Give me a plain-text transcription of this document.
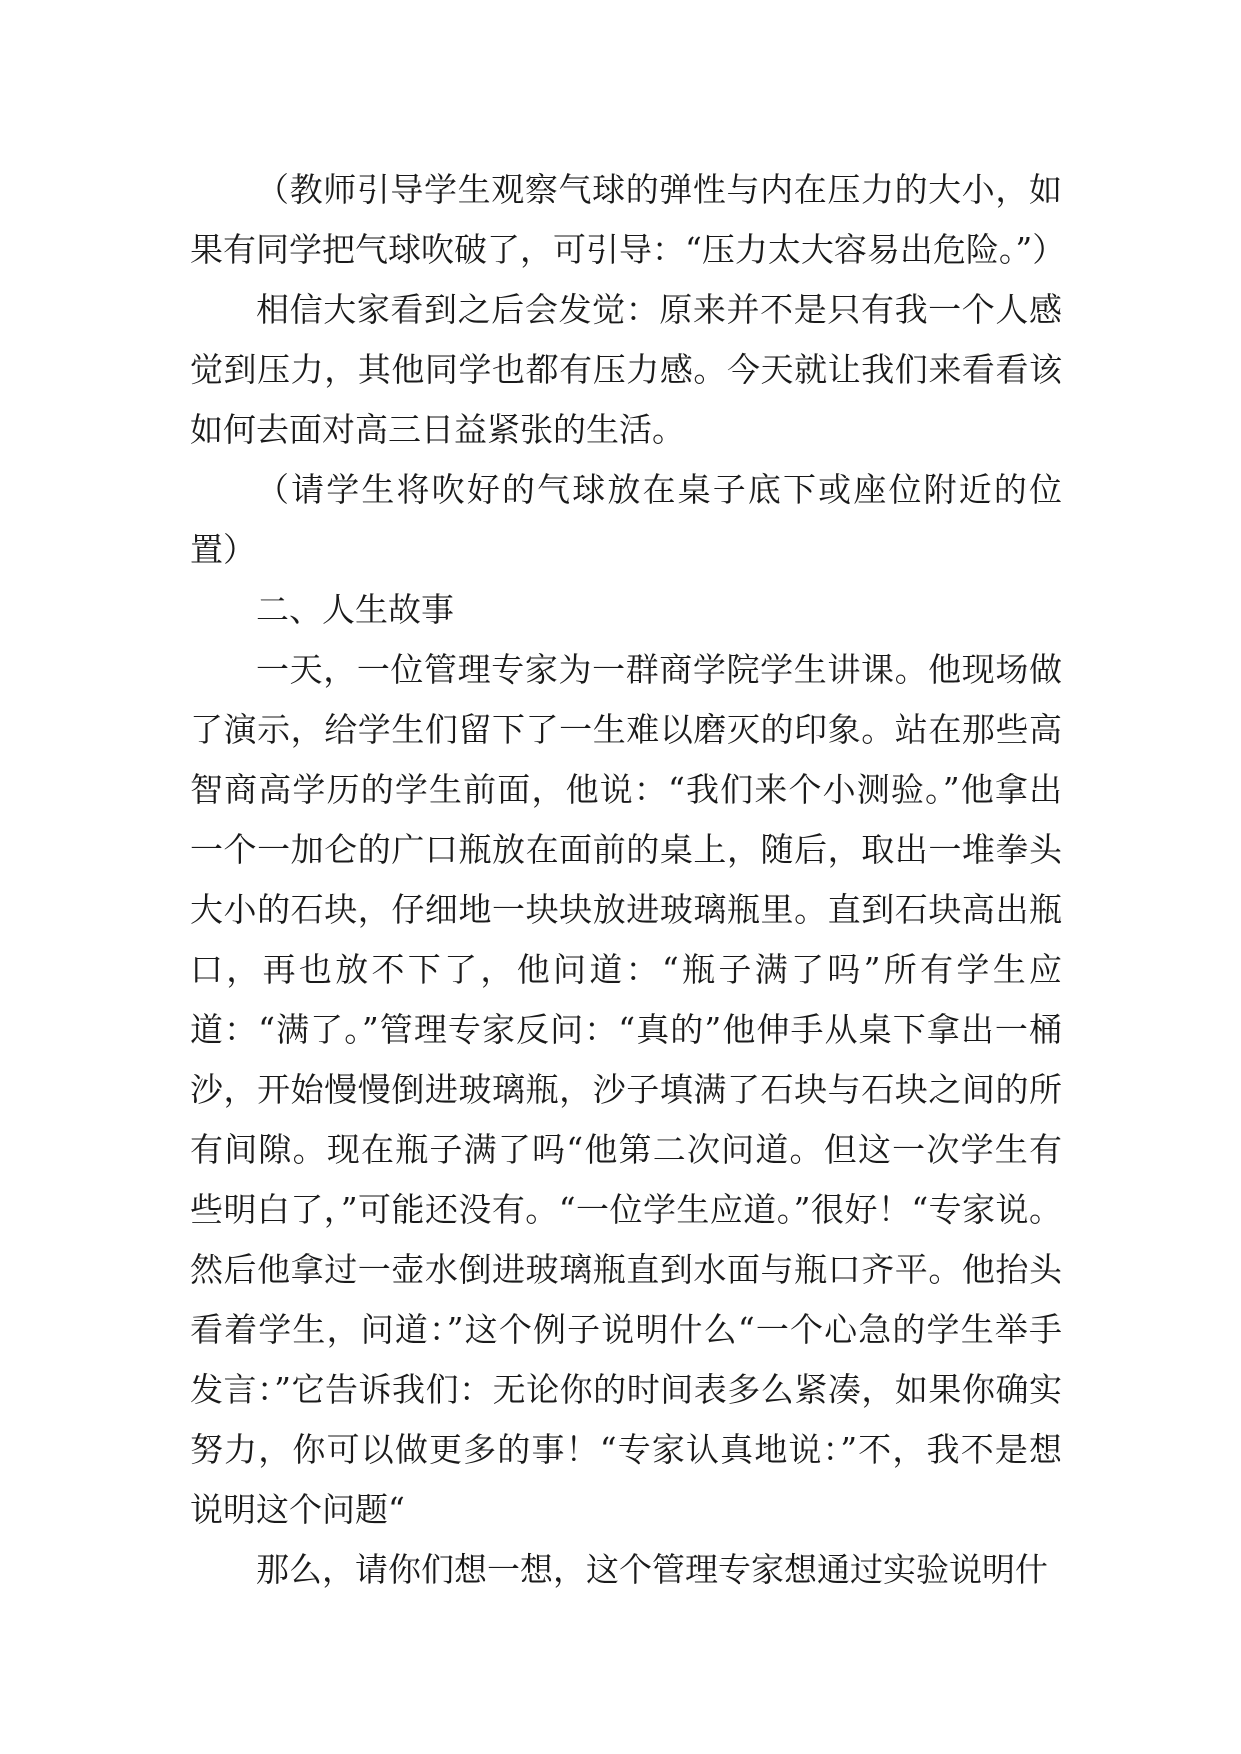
（教师引导学生观察气球的弹性与内在压力的大小，如果有同学把气球吹破了，可引导：“压力太大容易出危险。”）

相信大家看到之后会发觉：原来并不是只有我一个人感觉到压力，其他同学也都有压力感。今天就让我们来看看该如何去面对高三日益紧张的生活。

（请学生将吹好的气球放在桌子底下或座位附近的位置）

二、人生故事

一天，一位管理专家为一群商学院学生讲课。他现场做了演示，给学生们留下了一生难以磨灭的印象。站在那些高智商高学历的学生前面，他说：“我们来个小测验。”他拿出一个一加仑的广口瓶放在面前的桌上，随后，取出一堆拳头大小的石块，仔细地一块块放进玻璃瓶里。直到石块高出瓶口，再也放不下了，他问道：“瓶子满了吗”所有学生应道：“满了。”管理专家反问：“真的”他伸手从桌下拿出一桶沙，开始慢慢倒进玻璃瓶，沙子填满了石块与石块之间的所有间隙。现在瓶子满了吗“他第二次问道。但这一次学生有些明白了，”可能还没有。“一位学生应道。”很好！“专家说。然后他拿过一壶水倒进玻璃瓶直到水面与瓶口齐平。他抬头看着学生，问道：”这个例子说明什么“一个心急的学生举手发言：”它告诉我们：无论你的时间表多么紧凑，如果你确实努力，你可以做更多的事！“专家认真地说：”不，我不是想说明这个问题“

那么，请你们想一想，这个管理专家想通过实验说明什
